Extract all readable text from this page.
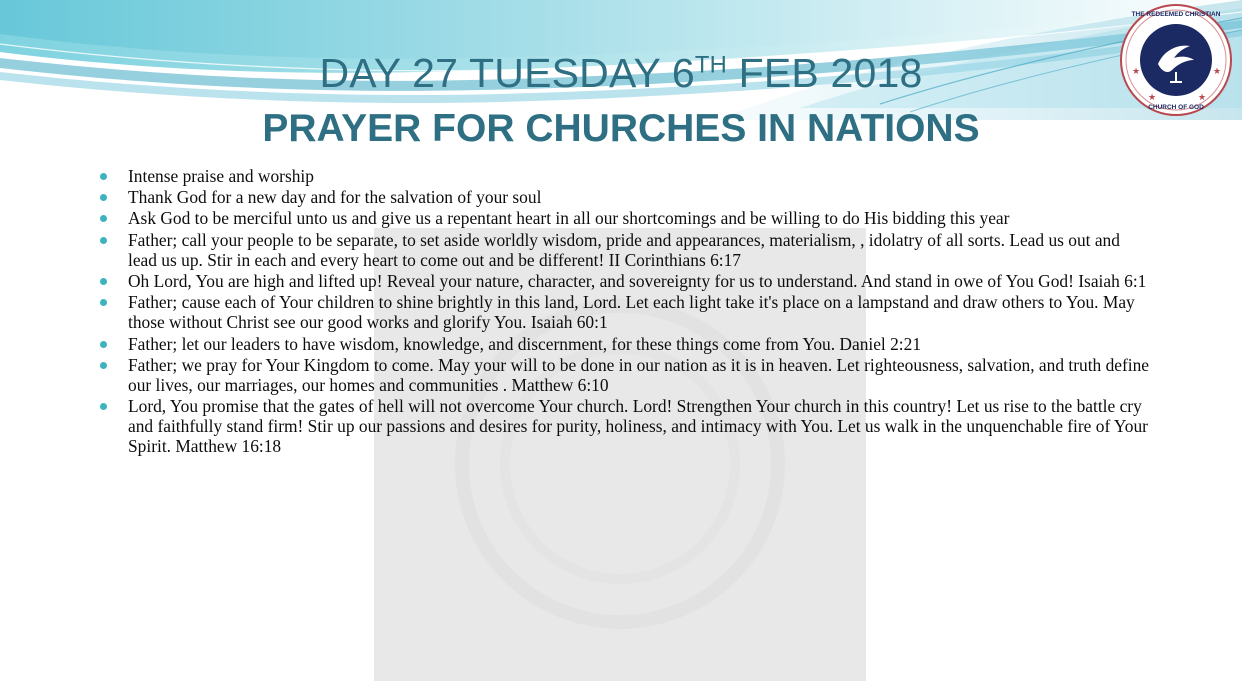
THE REDEEMED CHRISTIAN
CHURCH OF GOD
★	★
★	★
DAY 27 TUESDAY 6TH FEB 2018
PRAYER FOR CHURCHES IN NATIONS
Intense praise and worship
Thank God for a new day and for the salvation of your soul
Ask God to be merciful unto us and give us a repentant heart in all our shortcomings and be willing to do His bidding this year
Father; call your people to be separate, to set aside worldly wisdom, pride and appearances, materialism, , idolatry of all sorts. Lead us out and lead us up. Stir in each and every heart to come out and be different! II Corinthians 6:17
Oh Lord, You are high and lifted up! Reveal your nature, character, and sovereignty for us to understand. And stand in owe of You God! Isaiah 6:1
Father; cause each of Your children to shine brightly in this land, Lord. Let each light take it's place on a lampstand and draw others to You. May those without Christ see our good works and glorify You. Isaiah 60:1
Father; let our leaders to have wisdom, knowledge, and discernment, for these things come from You. Daniel 2:21
Father; we pray for Your Kingdom to come. May your will to be done in our nation as it is in heaven. Let righteousness, salvation, and truth define our lives, our marriages, our homes and communities . Matthew 6:10
Lord, You promise that the gates of hell will not overcome Your church. Lord! Strengthen Your church in this country! Let us rise to the battle cry and faithfully stand firm! Stir up our passions and desires for purity, holiness, and intimacy with You. Let us walk in the unquenchable fire of Your Spirit. Matthew 16:18
